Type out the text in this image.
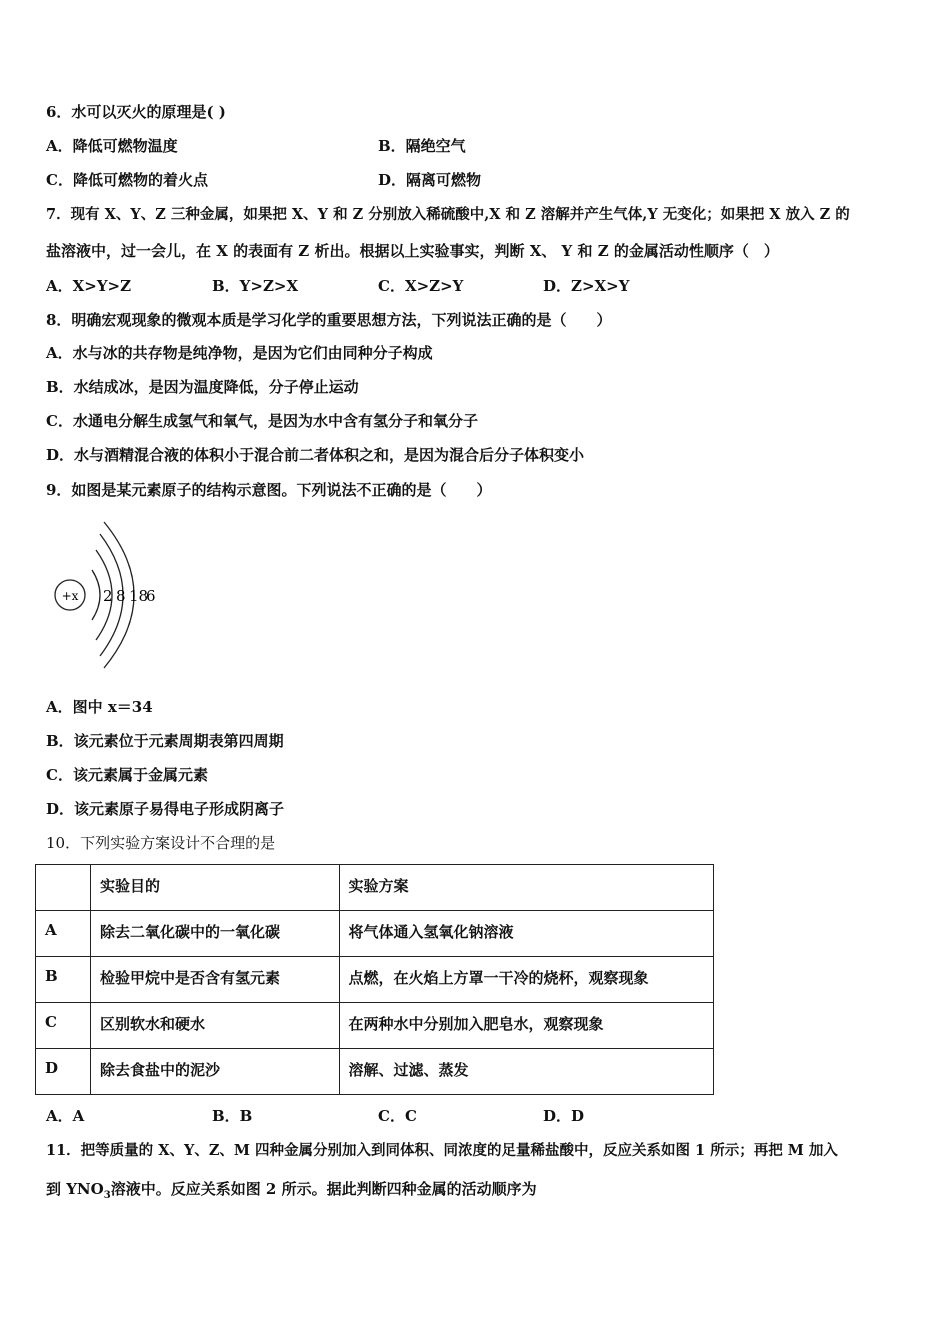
6．水可以灭火的原理是( )
A．降低可燃物温度	B．隔绝空气
C．降低可燃物的着火点	D．隔离可燃物
7．现有 X、Y、Z 三种金属，如果把 X、Y 和 Z 分别放入稀硫酸中,X 和 Z 溶解并产生气体,Y 无变化；如果把 X 放入 Z 的
盐溶液中，过一会儿，在 X 的表面有 Z 析出。根据以上实验事实，判断 X、 Y 和 Z 的金属活动性顺序（　）
A．X>Y>Z	B．Y>Z>X	C．X>Z>Y	D．Z>X>Y
8．明确宏观现象的微观本质是学习化学的重要思想方法，下列说法正确的是（　　）
A．水与冰的共存物是纯净物，是因为它们由同种分子构成
B．水结成冰，是因为温度降低，分子停止运动
C．水通电分解生成氢气和氧气，是因为水中含有氢分子和氧分子
D．水与酒精混合液的体积小于混合前二者体积之和，是因为混合后分子体积变小
9．如图是某元素原子的结构示意图。下列说法不正确的是（　　）
+x 2 8 18
6
A．图中 x＝34
B．该元素位于元素周期表第四周期
C．该元素属于金属元素
D．该元素原子易得电子形成阴离子
10．下列实验方案设计不合理的是
	实验目的	实验方案
A	除去二氧化碳中的一氧化碳	将气体通入氢氧化钠溶液
B	检验甲烷中是否含有氢元素	点燃，在火焰上方罩一干冷的烧杯，观察现象
C	区别软水和硬水	在两种水中分别加入肥皂水，观察现象
D	除去食盐中的泥沙	溶解、过滤、蒸发
A．A	B．B	C．C	D．D
11．把等质量的 X、Y、Z、M 四种金属分别加入到同体积、同浓度的足量稀盐酸中，反应关系如图 1 所示；再把 M 加入
到 $YNO_3$溶液中。反应关系如图 2 所示。据此判断四种金属的活动顺序为
